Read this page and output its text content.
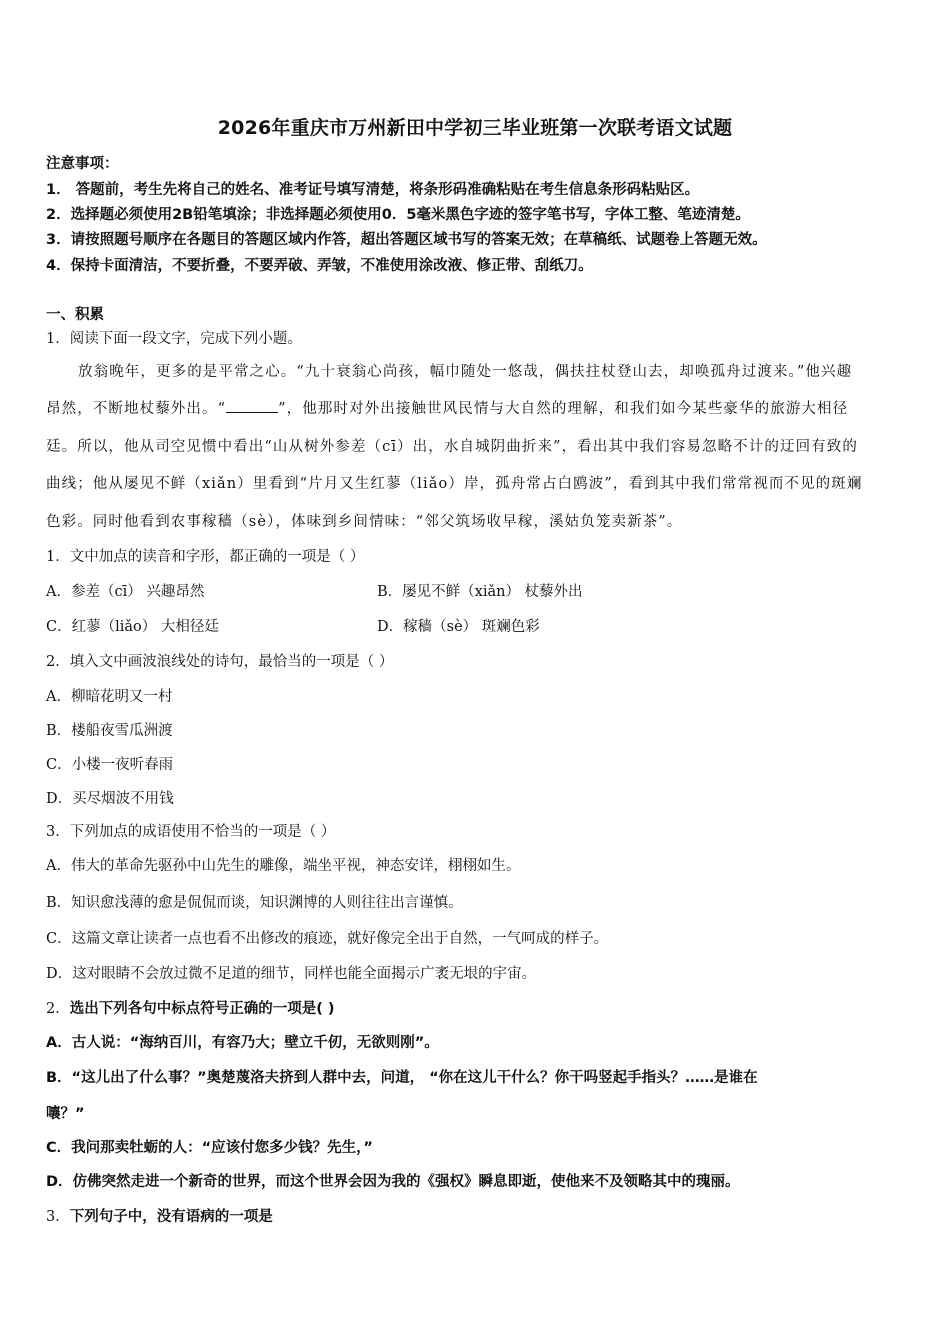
2026年重庆市万州新田中学初三毕业班第一次联考语文试题
注意事项：
1． 答题前，考生先将自己的姓名、准考证号填写清楚，将条形码准确粘贴在考生信息条形码粘贴区。
2．选择题必须使用2B铅笔填涂；非选择题必须使用0．5毫米黑色字迹的签字笔书写，字体工整、笔迹清楚。
3．请按照题号顺序在各题目的答题区域内作答，超出答题区域书写的答案无效；在草稿纸、试题卷上答题无效。
4．保持卡面清洁，不要折叠，不要弄破、弄皱，不准使用涂改液、修正带、刮纸刀。
一、积累
1．阅读下面一段文字，完成下列小题。
放翁晚年，更多的是平常之心。“九十衰翁心尚孩，幅巾随处一悠哉，偶扶拄杖登山去，却唤孤舟过渡来。”他兴趣
昂然，不断地杖藜外出。“	”，他那时对外出接触世风民情与大自然的理解，和我们如今某些豪华的旅游大相径
廷。所以，他从司空见惯中看出“山从树外参差（cī）出，水自城阴曲折来”，看出其中我们容易忽略不计的迂回有致的
曲线；他从屡见不鲜（xiǎn）里看到“片月又生红蓼（liǎo）岸，孤舟常占白鸥波”，看到其中我们常常视而不见的斑斓
色彩。同时他看到农事稼穑（sè），体味到乡间情味：“邻父筑场收早稼，溪姑负笼卖新茶”。
1．文中加点的读音和字形，都正确的一项是（ ）
A．参差（cī） 兴趣昂然	B．屡见不鲜（xiǎn） 杖藜外出
C．红蓼（liǎo） 大相径廷	D．稼穑（sè） 斑斓色彩
2．填入文中画波浪线处的诗句，最恰当的一项是（ ）
A．柳暗花明又一村
B．楼船夜雪瓜洲渡
C．小楼一夜听春雨
D．买尽烟波不用钱
3．下列加点的成语使用不恰当的一项是（ ）
A．伟大的革命先驱孙中山先生的雕像，端坐平视，神态安详，栩栩如生。
B．知识愈浅薄的愈是侃侃而谈，知识渊博的人则往往出言谨慎。
C．这篇文章让读者一点也看不出修改的痕迹，就好像完全出于自然，一气呵成的样子。
D．这对眼睛不会放过微不足道的细节，同样也能全面揭示广袤无垠的宇宙。
2．选出下列各句中标点符号正确的一项是( )
A．古人说：“海纳百川，有容乃大；壁立千仞，无欲则刚”。
B．“这儿出了什么事？”奥楚蔑洛夫挤到人群中去，问道， “你在这儿干什么？你干吗竖起手指头？……是谁在
嚷？”
C．我问那卖牡蛎的人：“应该付您多少钱？先生，”
D．仿佛突然走进一个新奇的世界，而这个世界会因为我的《强权》瞬息即逝，使他来不及领略其中的瑰丽。
3．下列句子中，没有语病的一项是
